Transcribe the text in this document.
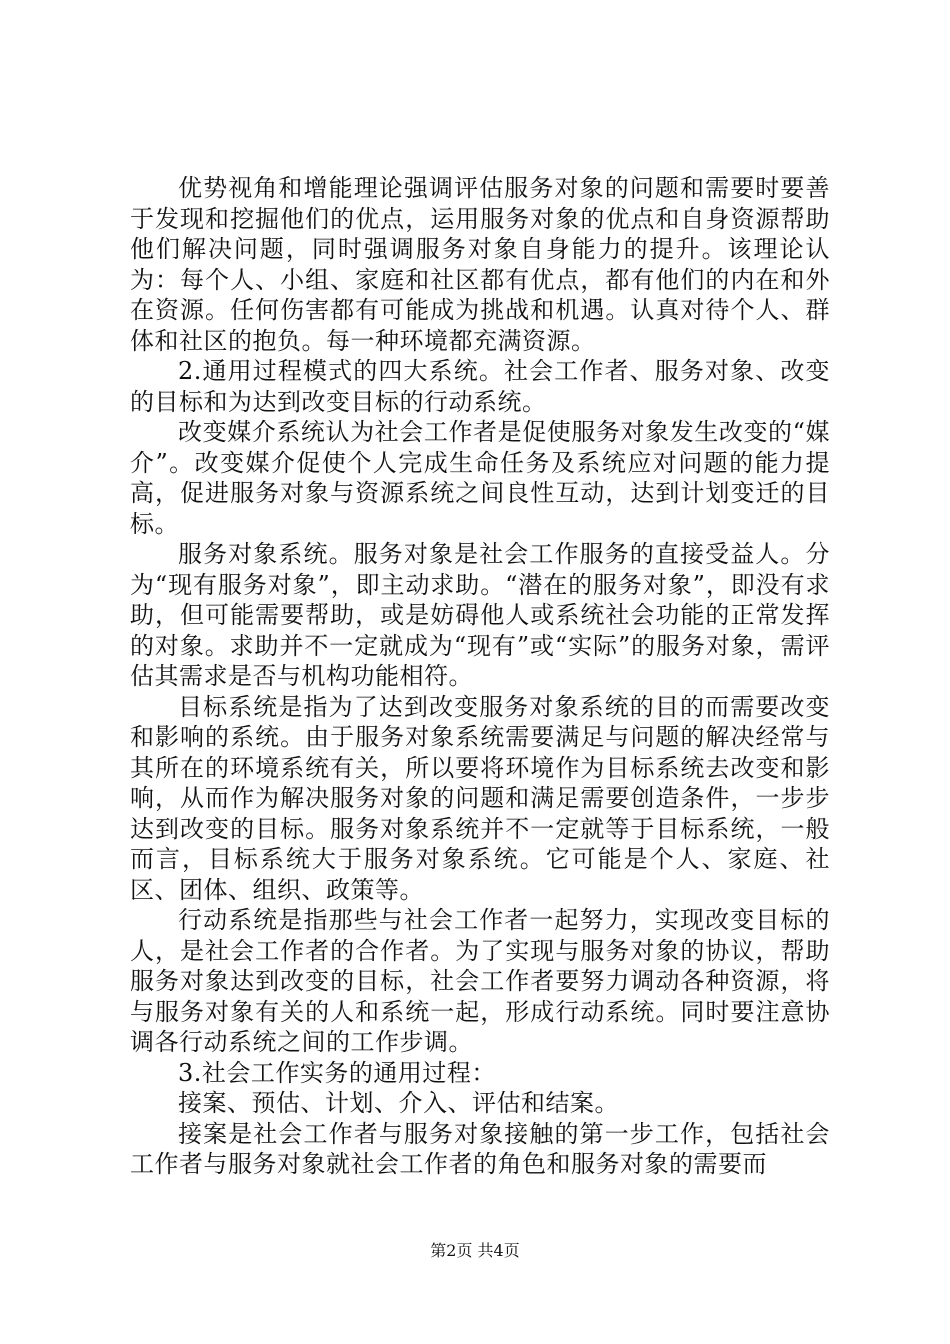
优势视角和增能理论强调评估服务对象的问题和需要时要善于发现和挖掘他们的优点，运用服务对象的优点和自身资源帮助他们解决问题，同时强调服务对象自身能力的提升。该理论认为：每个人、小组、家庭和社区都有优点，都有他们的内在和外在资源。任何伤害都有可能成为挑战和机遇。认真对待个人、群体和社区的抱负。每一种环境都充满资源。

2.通用过程模式的四大系统。社会工作者、服务对象、改变的目标和为达到改变目标的行动系统。

改变媒介系统认为社会工作者是促使服务对象发生改变的“媒介”。改变媒介促使个人完成生命任务及系统应对问题的能力提高，促进服务对象与资源系统之间良性互动，达到计划变迁的目标。

服务对象系统。服务对象是社会工作服务的直接受益人。分为“现有服务对象”，即主动求助。“潜在的服务对象”，即没有求助，但可能需要帮助，或是妨碍他人或系统社会功能的正常发挥的对象。求助并不一定就成为“现有”或“实际”的服务对象，需评估其需求是否与机构功能相符。

目标系统是指为了达到改变服务对象系统的目的而需要改变和影响的系统。由于服务对象系统需要满足与问题的解决经常与其所在的环境系统有关，所以要将环境作为目标系统去改变和影响，从而作为解决服务对象的问题和满足需要创造条件，一步步达到改变的目标。服务对象系统并不一定就等于目标系统，一般而言，目标系统大于服务对象系统。它可能是个人、家庭、社区、团体、组织、政策等。

行动系统是指那些与社会工作者一起努力，实现改变目标的人，是社会工作者的合作者。为了实现与服务对象的协议，帮助服务对象达到改变的目标，社会工作者要努力调动各种资源，将与服务对象有关的人和系统一起，形成行动系统。同时要注意协调各行动系统之间的工作步调。

3.社会工作实务的通用过程：

接案、预估、计划、介入、评估和结案。

接案是社会工作者与服务对象接触的第一步工作，包括社会工作者与服务对象就社会工作者的角色和服务对象的需要而

第2页 共4页
